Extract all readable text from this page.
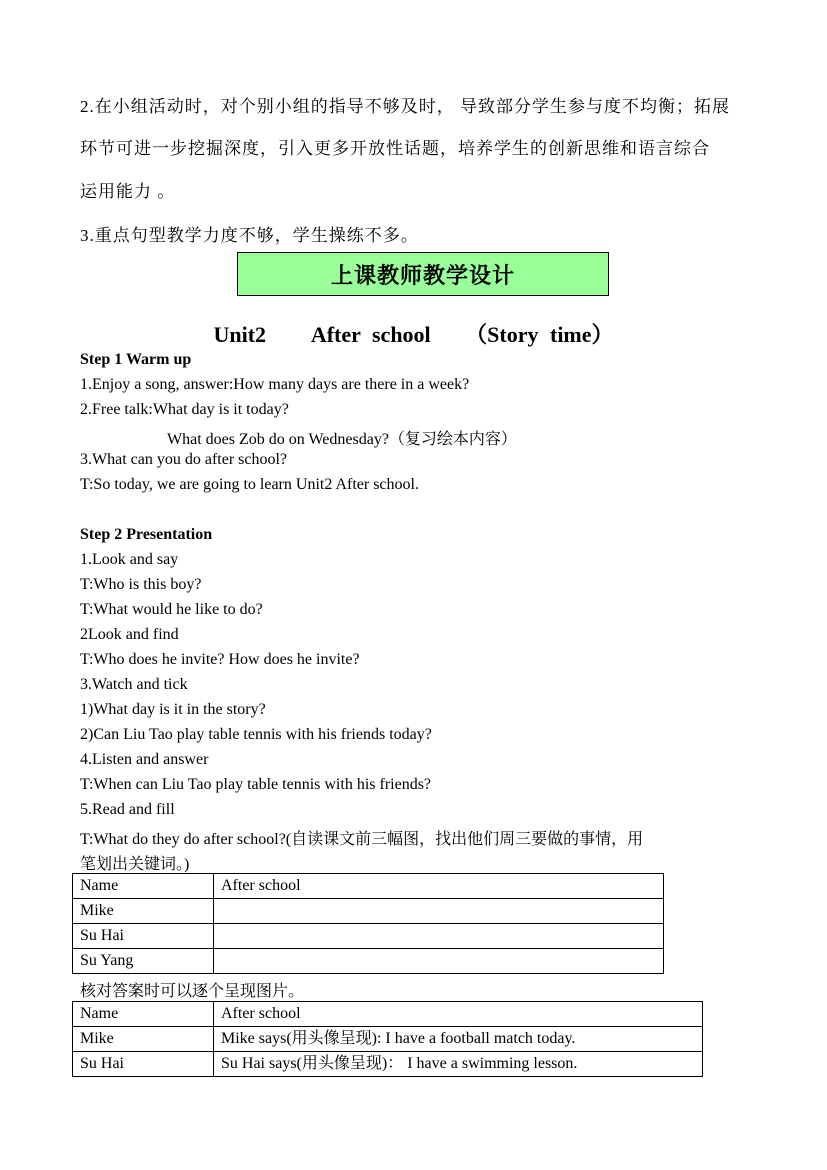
2.在小组活动时，对个别小组的指导不够及时， 导致部分学生参与度不均衡；拓展
环节可进一步挖掘深度，引入更多开放性话题，培养学生的创新思维和语言综合
运用能力 。
3.重点句型教学力度不够，学生操练不多。
上课教师教学设计
Unit2    After school   （Story time）
Step 1 Warm up
1.Enjoy a song, answer:How many days are there in a week?
2.Free talk:What day is it today?
What does Zob do on Wednesday?（复习绘本内容）
3.What can you do after school?
T:So today, we are going to learn Unit2 After school.
Step 2 Presentation
1.Look and say
T:Who is this boy?
T:What would he like to do?
2Look and find
T:Who does he invite? How does he invite?
3.Watch and tick
1)What day is it in the story?
2)Can Liu Tao play table tennis with his friends today?
4.Listen and answer
T:When can Liu Tao play table tennis with his friends?
5.Read and fill
T:What do they do after school?(自读课文前三幅图，找出他们周三要做的事情，用
笔划出关键词。)
Name	After school
Mike	
Su Hai	
Su Yang	
核对答案时可以逐个呈现图片。
Name	After school
Mike	Mike says(用头像呈现): I have a football match today.
Su Hai	Su Hai says(用头像呈现)： I have a swimming lesson.
